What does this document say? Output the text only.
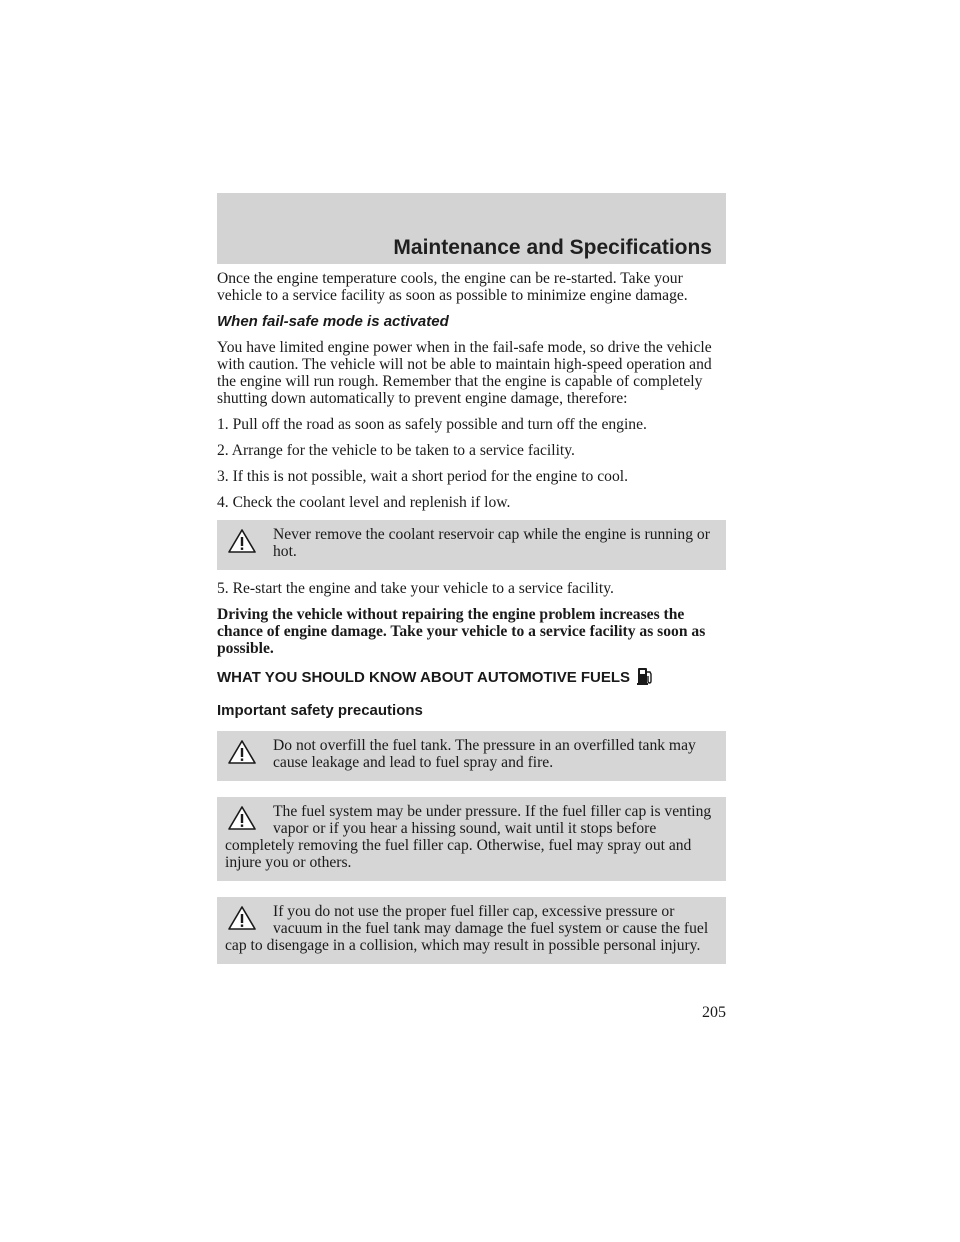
Maintenance and Specifications

Once the engine temperature cools, the engine can be re-started. Take your vehicle to a service facility as soon as possible to minimize engine damage.

When fail-safe mode is activated

You have limited engine power when in the fail-safe mode, so drive the vehicle with caution. The vehicle will not be able to maintain high-speed operation and the engine will run rough. Remember that the engine is capable of completely shutting down automatically to prevent engine damage, therefore:

1. Pull off the road as soon as safely possible and turn off the engine.

2. Arrange for the vehicle to be taken to a service facility.

3. If this is not possible, wait a short period for the engine to cool.

4. Check the coolant level and replenish if low.

Never remove the coolant reservoir cap while the engine is running or hot.

5. Re-start the engine and take your vehicle to a service facility.

Driving the vehicle without repairing the engine problem increases the chance of engine damage. Take your vehicle to a service facility as soon as possible.

WHAT YOU SHOULD KNOW ABOUT AUTOMOTIVE FUELS
Important safety precautions

Do not overfill the fuel tank. The pressure in an overfilled tank may cause leakage and lead to fuel spray and fire.

The fuel system may be under pressure. If the fuel filler cap is venting vapor or if you hear a hissing sound, wait until it stops before completely removing the fuel filler cap. Otherwise, fuel may spray out and injure you or others.

If you do not use the proper fuel filler cap, excessive pressure or vacuum in the fuel tank may damage the fuel system or cause the fuel cap to disengage in a collision, which may result in possible personal injury.

205
